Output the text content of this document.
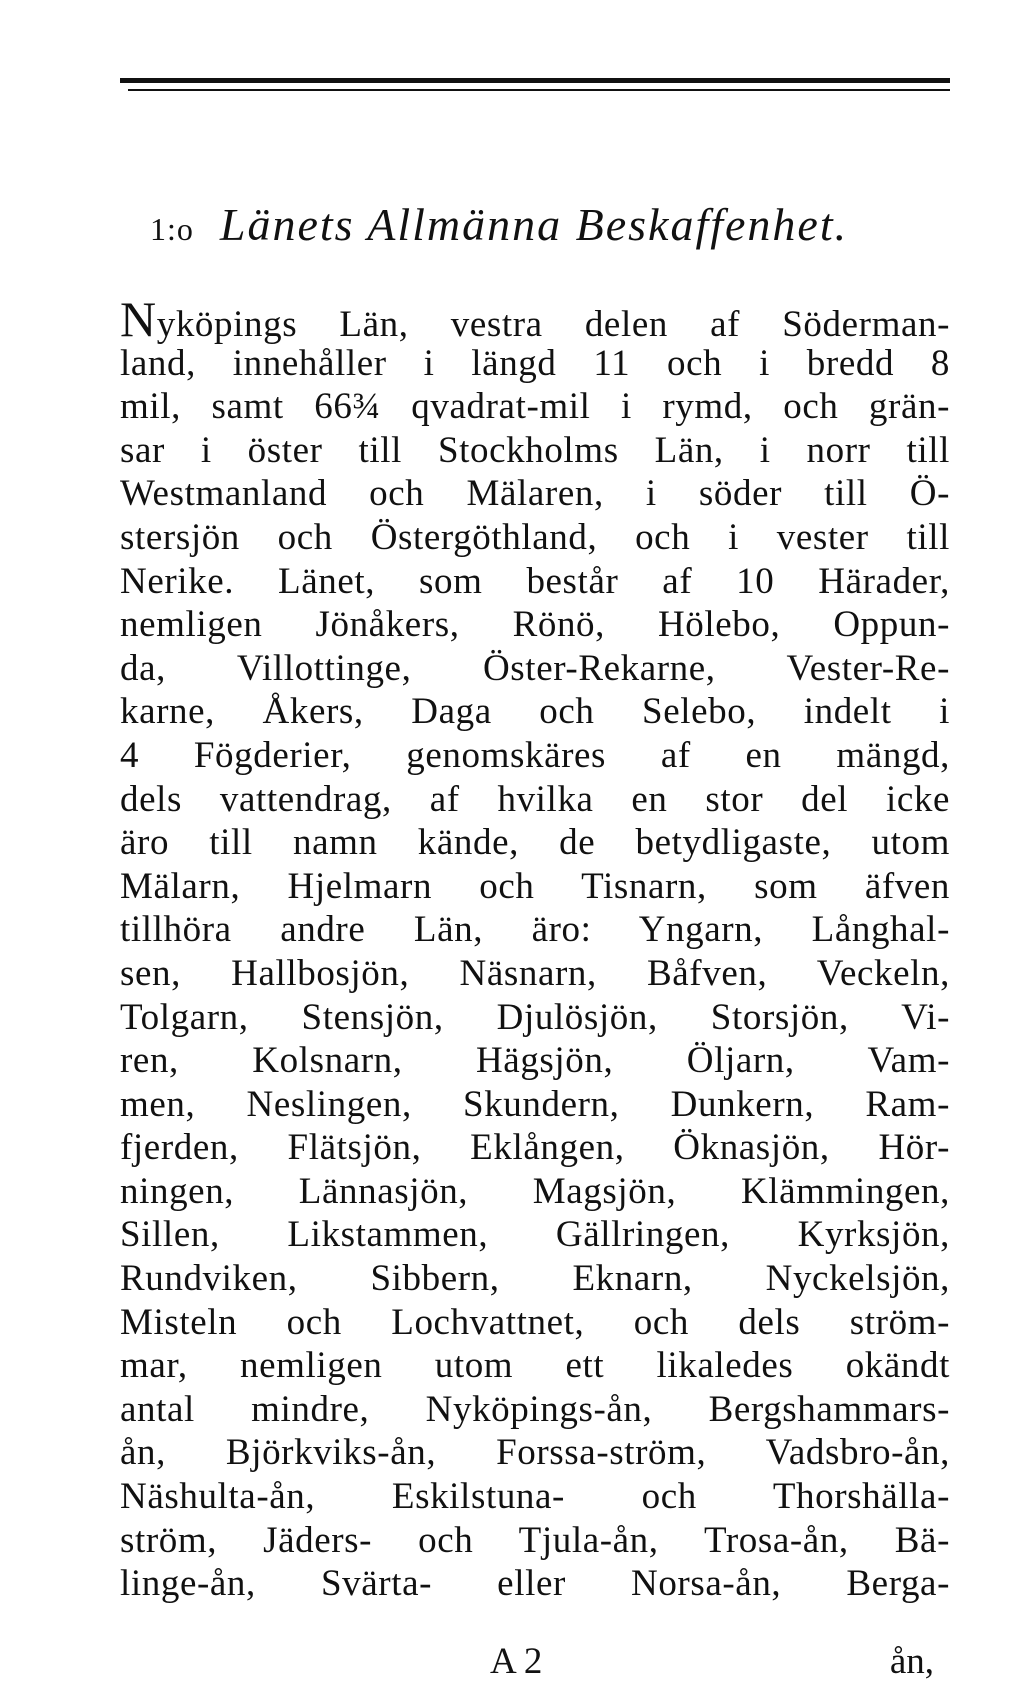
1:o Länets Allmänna Beskaffenhet.
Nyköpings Län, vestra delen af Söderman-
land, innehåller i längd 11 och i bredd 8
mil, samt 66¾ qvadrat-mil i rymd, och grän-
sar i öster till Stockholms Län, i norr till
Westmanland och Mälaren, i söder till Ö-
stersjön och Östergöthland, och i vester till
Nerike. Länet, som består af 10 Härader,
nemligen Jönåkers, Rönö, Hölebo, Oppun-
da, Villottinge, Öster-Rekarne, Vester-Re-
karne, Åkers, Daga och Selebo, indelt i
4 Fögderier, genomskäres af en mängd,
dels vattendrag, af hvilka en stor del icke
äro till namn kände, de betydligaste, utom
Mälarn, Hjelmarn och Tisnarn, som äfven
tillhöra andre Län, äro: Yngarn, Långhal-
sen, Hallbosjön, Näsnarn, Båfven, Veckeln,
Tolgarn, Stensjön, Djulösjön, Storsjön, Vi-
ren, Kolsnarn, Hägsjön, Öljarn, Vam-
men, Neslingen, Skundern, Dunkern, Ram-
fjerden, Flätsjön, Eklången, Öknasjön, Hör-
ningen, Lännasjön, Magsjön, Klämmingen,
Sillen, Likstammen, Gällringen, Kyrksjön,
Rundviken, Sibbern, Eknarn, Nyckelsjön,
Misteln och Lochvattnet, och dels ström-
mar, nemligen utom ett likaledes okändt
antal mindre, Nyköpings-ån, Bergshammars-
ån, Björkviks-ån, Forssa-ström, Vadsbro-ån,
Näshulta-ån, Eskilstuna- och Thorshälla-
ström, Jäders- och Tjula-ån, Trosa-ån, Bä-
linge-ån, Svärta- eller Norsa-ån, Berga-
A 2	ån,
